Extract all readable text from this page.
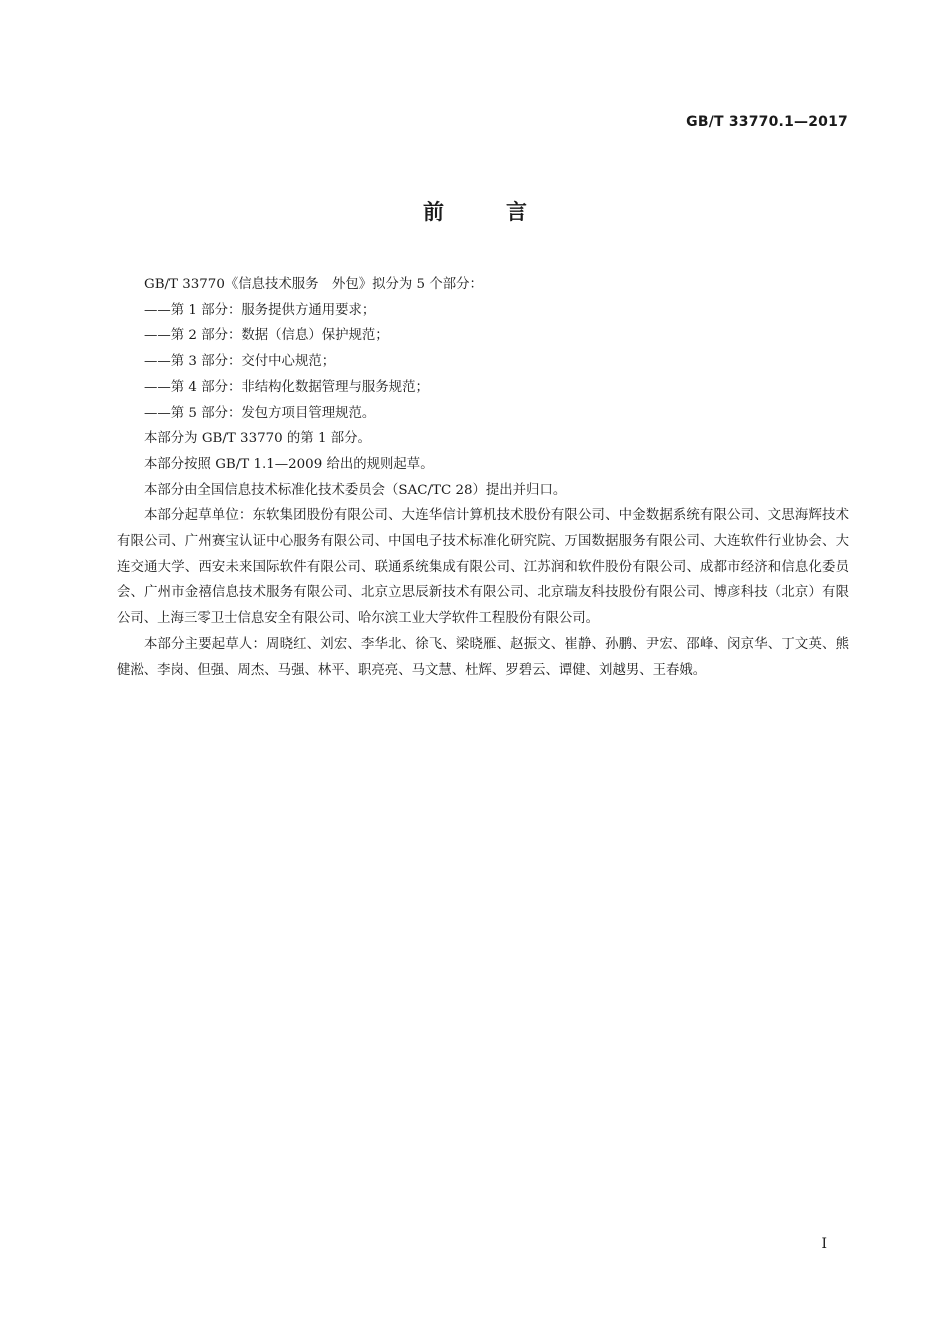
GB/T 33770.1—2017
前言

GB/T 33770《信息技术服务　外包》拟分为 5 个部分：

——第 1 部分：服务提供方通用要求；

——第 2 部分：数据（信息）保护规范；

——第 3 部分：交付中心规范；

——第 4 部分：非结构化数据管理与服务规范；

——第 5 部分：发包方项目管理规范。

本部分为 GB/T 33770 的第 1 部分。

本部分按照 GB/T 1.1—2009 给出的规则起草。

本部分由全国信息技术标准化技术委员会（SAC/TC 28）提出并归口。

本部分起草单位：东软集团股份有限公司、大连华信计算机技术股份有限公司、中金数据系统有限公司、文思海辉技术有限公司、广州赛宝认证中心服务有限公司、中国电子技术标准化研究院、万国数据服务有限公司、大连软件行业协会、大连交通大学、西安未来国际软件有限公司、联通系统集成有限公司、江苏润和软件股份有限公司、成都市经济和信息化委员会、广州市金禧信息技术服务有限公司、北京立思辰新技术有限公司、北京瑞友科技股份有限公司、博彦科技（北京）有限公司、上海三零卫士信息安全有限公司、哈尔滨工业大学软件工程股份有限公司。

本部分主要起草人：周晓红、刘宏、李华北、徐飞、梁晓雁、赵振文、崔静、孙鹏、尹宏、邵峰、闵京华、丁文英、熊健淞、李岗、但强、周杰、马强、林平、职亮亮、马文慧、杜辉、罗碧云、谭健、刘越男、王春娥。

I
